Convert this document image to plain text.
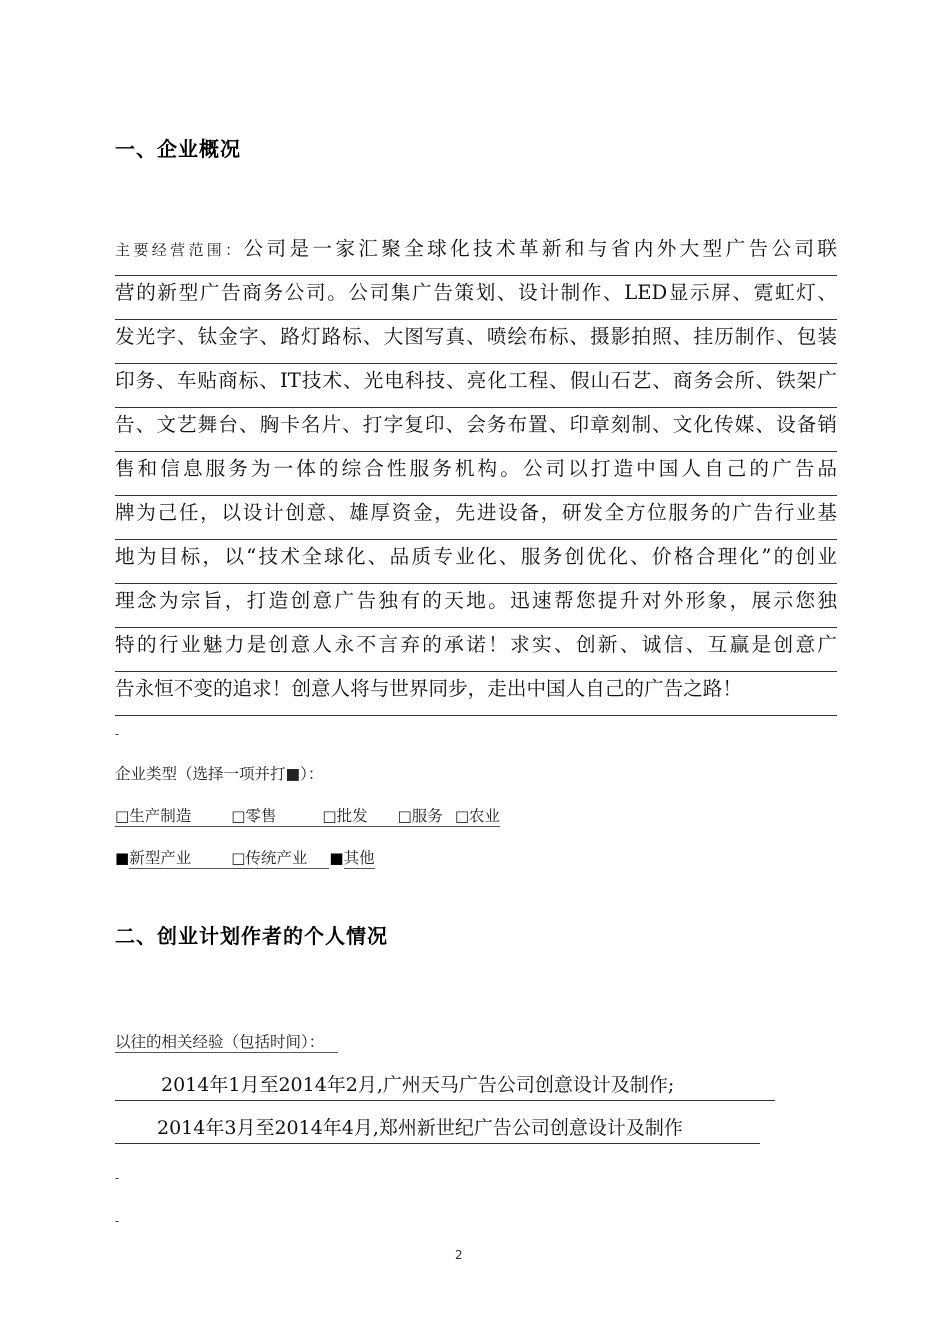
一、企业概况
主要经营范围：公司是一家汇聚全球化技术革新和与省内外大型广告公司联
营的新型广告商务公司。公司集广告策划、设计制作、LED显示屏、霓虹灯、
发光字、钛金字、路灯路标、大图写真、喷绘布标、摄影拍照、挂历制作、包装
印务、车贴商标、IT技术、光电科技、亮化工程、假山石艺、商务会所、铁架广
告、文艺舞台、胸卡名片、打字复印、会务布置、印章刻制、文化传媒、设备销
售和信息服务为一体的综合性服务机构。公司以打造中国人自己的广告品
牌为己任，以设计创意、雄厚资金，先进设备，研发全方位服务的广告行业基
地为目标，以“技术全球化、品质专业化、服务创优化、价格合理化”的创业
理念为宗旨，打造创意广告独有的天地。迅速帮您提升对外形象，展示您独
特的行业魅力是创意人永不言弃的承诺！求实、创新、诚信、互赢是创意广
告永恒不变的追求！创意人将与世界同步，走出中国人自己的广告之路！
-
企业类型（选择一项并打■）：
□生产制造	□零售	□批发 □服务 □农业
■新型产业	□传统产业 ■其他
二、创业计划作者的个人情况
以往的相关经验（包括时间）：
2014年1月至2014年2月,广州天马广告公司创意设计及制作;
2014年3月至2014年4月,郑州新世纪广告公司创意设计及制作
-
-
2
